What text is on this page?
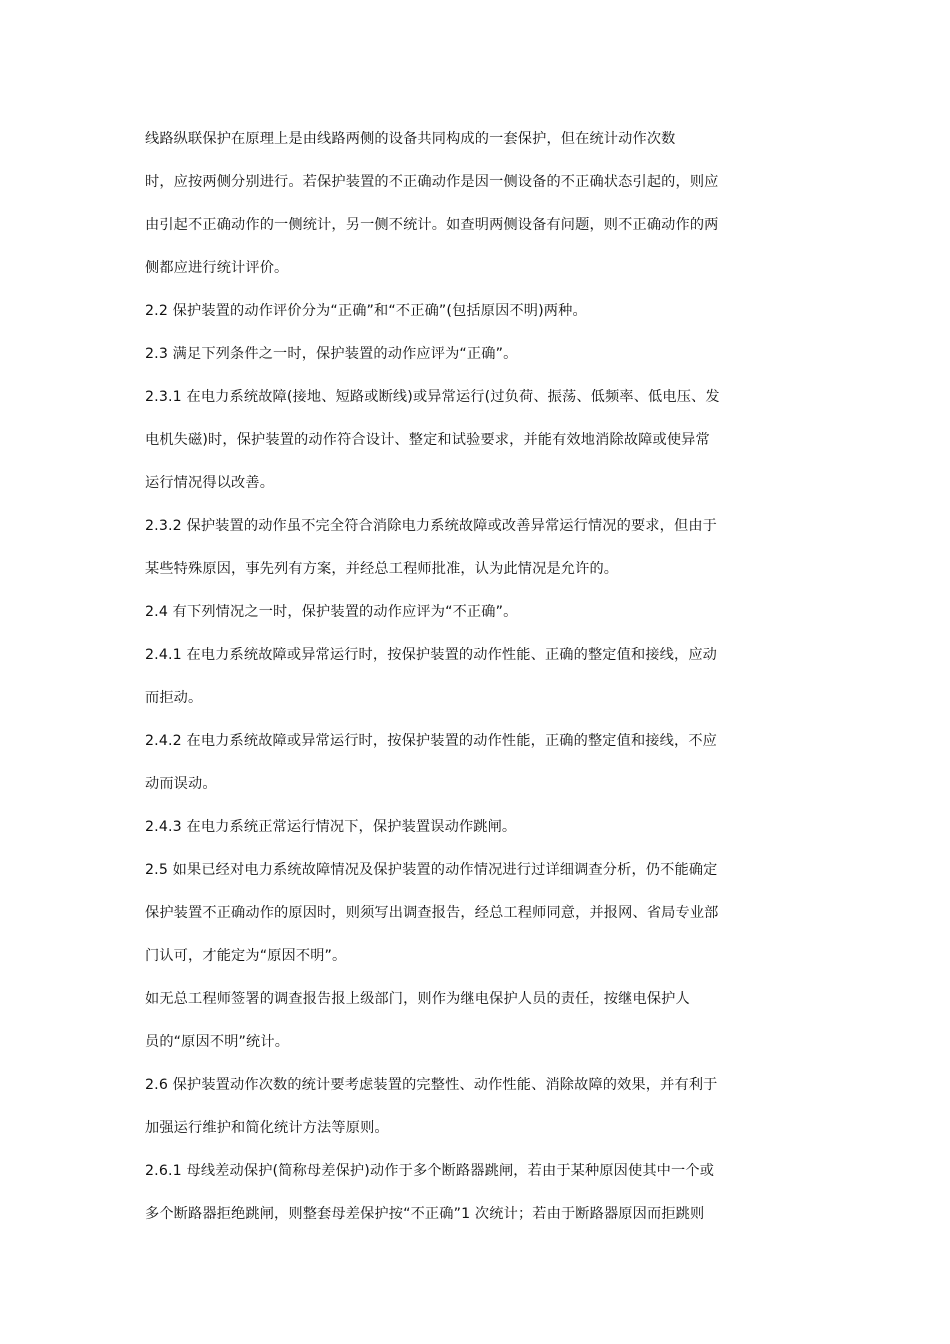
线路纵联保护在原理上是由线路两侧的设备共同构成的一套保护，但在统计动作次数
时，应按两侧分别进行。若保护装置的不正确动作是因一侧设备的不正确状态引起的，则应
由引起不正确动作的一侧统计，另一侧不统计。如查明两侧设备有问题，则不正确动作的两
侧都应进行统计评价。
2.2 保护装置的动作评价分为“正确”和“不正确”(包括原因不明)两种。
2.3 满足下列条件之一时，保护装置的动作应评为“正确”。
2.3.1 在电力系统故障(接地、短路或断线)或异常运行(过负荷、振荡、低频率、低电压、发
电机失磁)时，保护装置的动作符合设计、整定和试验要求，并能有效地消除故障或使异常
运行情况得以改善。
2.3.2 保护装置的动作虽不完全符合消除电力系统故障或改善异常运行情况的要求，但由于
某些特殊原因，事先列有方案，并经总工程师批准，认为此情况是允许的。
2.4 有下列情况之一时，保护装置的动作应评为“不正确”。
2.4.1 在电力系统故障或异常运行时，按保护装置的动作性能、正确的整定值和接线，应动
而拒动。
2.4.2 在电力系统故障或异常运行时，按保护装置的动作性能，正确的整定值和接线，不应
动而误动。
2.4.3 在电力系统正常运行情况下，保护装置误动作跳闸。
2.5 如果已经对电力系统故障情况及保护装置的动作情况进行过详细调查分析，仍不能确定
保护装置不正确动作的原因时，则须写出调查报告，经总工程师同意，并报网、省局专业部
门认可，才能定为“原因不明”。
如无总工程师签署的调查报告报上级部门，则作为继电保护人员的责任，按继电保护人
员的“原因不明”统计。
2.6 保护装置动作次数的统计要考虑装置的完整性、动作性能、消除故障的效果，并有利于
加强运行维护和简化统计方法等原则。
2.6.1 母线差动保护(简称母差保护)动作于多个断路器跳闸，若由于某种原因使其中一个或
多个断路器拒绝跳闸，则整套母差保护按“不正确”1 次统计；若由于断路器原因而拒跳则
